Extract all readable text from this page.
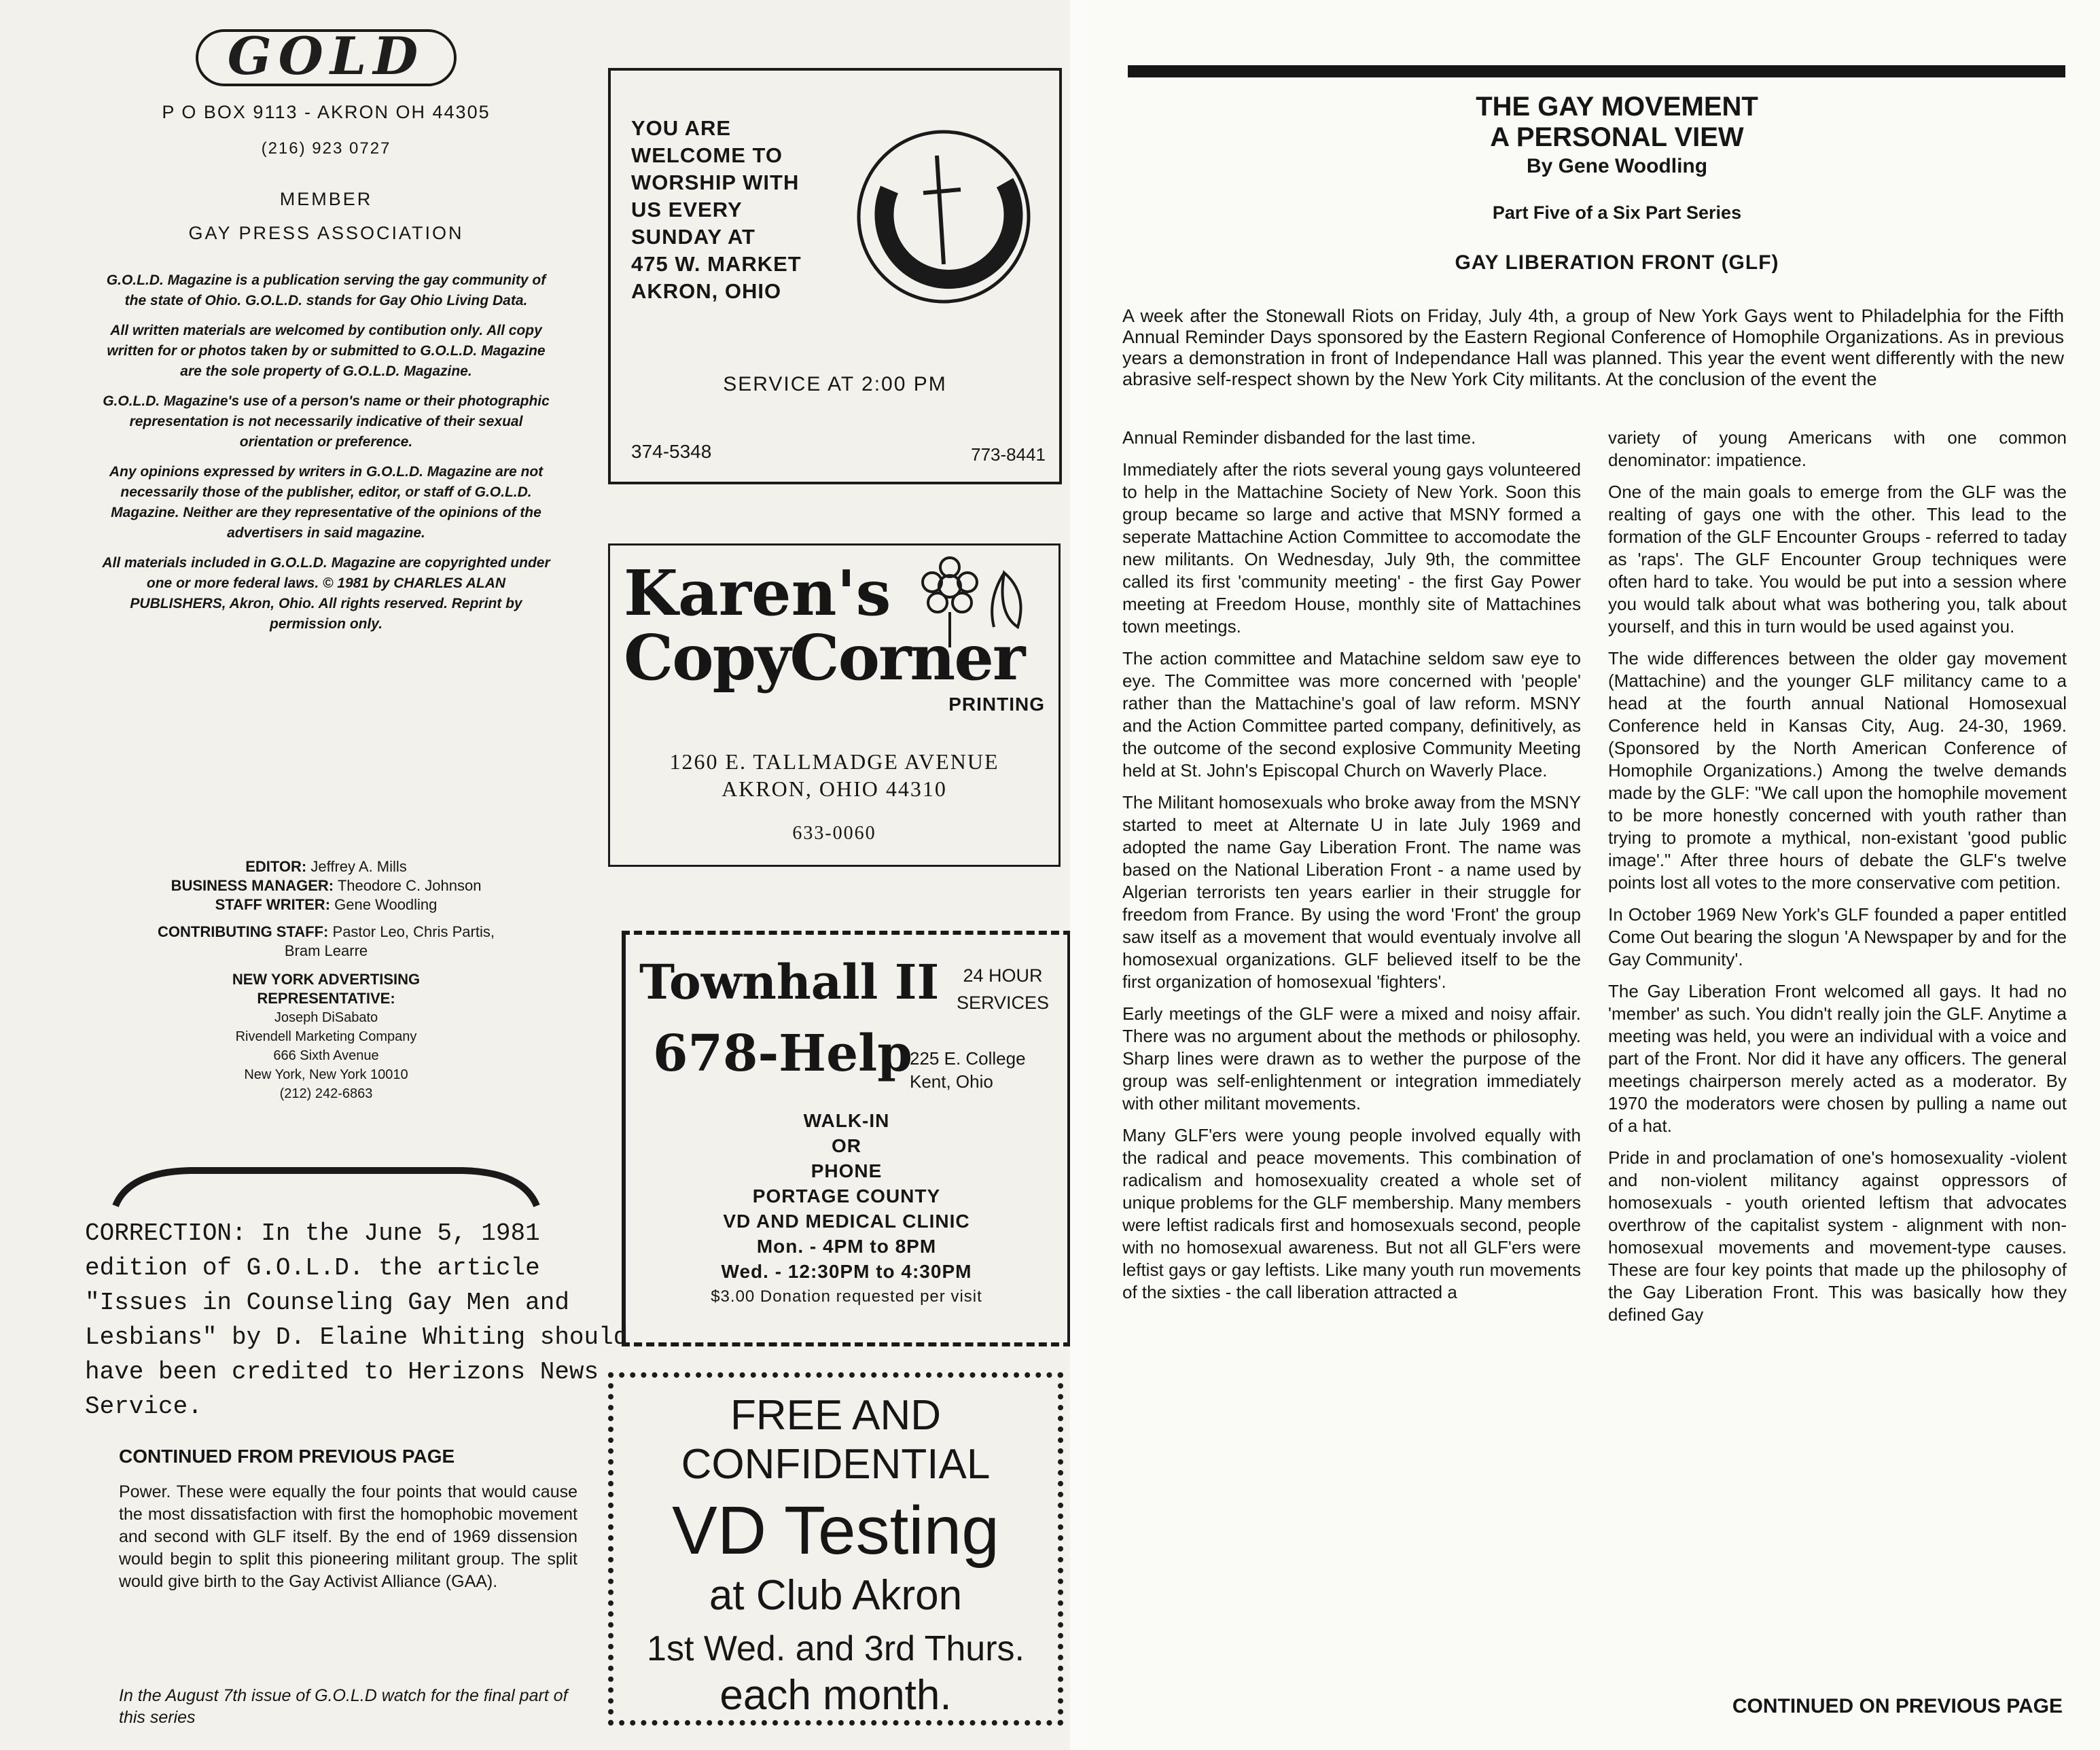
GOLD
P O BOX 9113 - AKRON OH 44305
(216) 923 0727
MEMBER
GAY PRESS ASSOCIATION

G.O.L.D. Magazine is a publication serving the gay community of the state of Ohio. G.O.L.D. stands for Gay Ohio Living Data.

All written materials are welcomed by contibution only. All copy written for or photos taken by or submitted to G.O.L.D. Magazine are the sole property of G.O.L.D. Magazine.

G.O.L.D. Magazine's use of a person's name or their photographic representation is not necessarily indicative of their sexual orientation or preference.

Any opinions expressed by writers in G.O.L.D. Magazine are not necessarily those of the publisher, editor, or staff of G.O.L.D. Magazine. Neither are they representative of the opinions of the advertisers in said magazine.

All materials included in G.O.L.D. Magazine are copyrighted under one or more federal laws. © 1981 by CHARLES ALAN PUBLISHERS, Akron, Ohio. All rights reserved. Reprint by permission only.

EDITOR: Jeffrey A. Mills
BUSINESS MANAGER: Theodore C. Johnson
STAFF WRITER: Gene Woodling
CONTRIBUTING STAFF: Pastor Leo, Chris Partis, Bram Learre
NEW YORK ADVERTISING REPRESENTATIVE:
Joseph DiSabato
Rivendell Marketing Company
666 Sixth Avenue
New York, New York 10010
(212) 242-6863
CORRECTION: In the June 5, 1981 edition of G.O.L.D. the article "Issues in Counseling Gay Men and Lesbians" by D. Elaine Whiting should have been credited to Herizons News Service.
CONTINUED FROM PREVIOUS PAGE
Power. These were equally the four points that would cause the most dissatisfaction with first the homophobic movement and second with GLF itself. By the end of 1969 dissension would begin to split this pioneering militant group. The split would give birth to the Gay Activist Alliance (GAA).
In the August 7th issue of G.O.L.D watch for the final part of this series
YOU ARE
WELCOME TO
WORSHIP WITH
US EVERY
SUNDAY AT
475 W. MARKET
AKRON, OHIO
SERVICE AT 2:00 PM
374-5348	773-8441
Karen's
CopyCorner
PRINTING
1260 E. TALLMADGE AVENUE
AKRON, OHIO 44310
633-0060
Townhall II	24 HOUR SERVICES
678-Help
225 E. College Kent, Ohio
WALK-IN
OR
PHONE
PORTAGE COUNTY
VD AND MEDICAL CLINIC
Mon. - 4PM to 8PM
Wed. - 12:30PM to 4:30PM
$3.00 Donation requested per visit
FREE AND
CONFIDENTIAL
VD Testing
at Club Akron
1st Wed. and 3rd Thurs.
each month.
THE GAY MOVEMENT
A PERSONAL VIEW
By Gene Woodling
Part Five of a Six Part Series
GAY LIBERATION FRONT (GLF)
A week after the Stonewall Riots on Friday, July 4th, a group of New York Gays went to Philadelphia for the Fifth Annual Reminder Days sponsored by the Eastern Regional Conference of Homophile Organizations. As in previous years a demonstration in front of Independance Hall was planned. This year the event went differently with the new abrasive self-respect shown by the New York City militants. At the conclusion of the event the

Annual Reminder disbanded for the last time.

Immediately after the riots several young gays volunteered to help in the Mattachine Society of New York. Soon this group became so large and active that MSNY formed a seperate Mattachine Action Committee to accomodate the new militants. On Wednesday, July 9th, the committee called its first 'community meeting' - the first Gay Power meeting at Freedom House, monthly site of Mattachines town meetings.

The action committee and Matachine seldom saw eye to eye. The Committee was more concerned with 'people' rather than the Mattachine's goal of law reform. MSNY and the Action Committee parted company, definitively, as the outcome of the second explosive Community Meeting held at St. John's Episcopal Church on Waverly Place.

The Militant homosexuals who broke away from the MSNY started to meet at Alternate U in late July 1969 and adopted the name Gay Liberation Front. The name was based on the National Liberation Front - a name used by Algerian terrorists ten years earlier in their struggle for freedom from France. By using the word 'Front' the group saw itself as a movement that would eventualy involve all homosexual organizations. GLF believed itself to be the first organization of homosexual 'fighters'.

Early meetings of the GLF were a mixed and noisy affair. There was no argument about the methods or philosophy. Sharp lines were drawn as to wether the purpose of the group was self-enlightenment or integration immediately with other militant movements.

Many GLF'ers were young people involved equally with the radical and peace movements. This combination of radicalism and homosexuality created a whole set of unique problems for the GLF membership. Many members were leftist radicals first and homosexuals second, people with no homosexual awareness. But not all GLF'ers were leftist gays or gay leftists. Like many youth run movements of the sixties - the call liberation attracted a

variety of young Americans with one common denominator: impatience.

One of the main goals to emerge from the GLF was the realting of gays one with the other. This lead to the formation of the GLF Encounter Groups - referred to taday as 'raps'. The GLF Encounter Group techniques were often hard to take. You would be put into a session where you would talk about what was bothering you, talk about yourself, and this in turn would be used against you.

The wide differences between the older gay movement (Mattachine) and the younger GLF militancy came to a head at the fourth annual National Homosexual Conference held in Kansas City, Aug. 24-30, 1969. (Sponsored by the North American Conference of Homophile Organizations.) Among the twelve demands made by the GLF: "We call upon the homophile movement to be more honestly concerned with youth rather than trying to promote a mythical, non-existant 'good public image'." After three hours of debate the GLF's twelve points lost all votes to the more conservative com petition.

In October 1969 New York's GLF founded a paper entitled Come Out bearing the slogun 'A Newspaper by and for the Gay Community'.

The Gay Liberation Front welcomed all gays. It had no 'member' as such. You didn't really join the GLF. Anytime a meeting was held, you were an individual with a voice and part of the Front. Nor did it have any officers. The general meetings chairperson merely acted as a moderator. By 1970 the moderators were chosen by pulling a name out of a hat.

Pride in and proclamation of one's homosexuality -violent and non-violent militancy against oppressors of homosexuals - youth oriented leftism that advocates overthrow of the capitalist system - alignment with non-homosexual movements and movement-type causes. These are four key points that made up the philosophy of the Gay Liberation Front. This was basically how they defined Gay

CONTINUED ON PREVIOUS PAGE
